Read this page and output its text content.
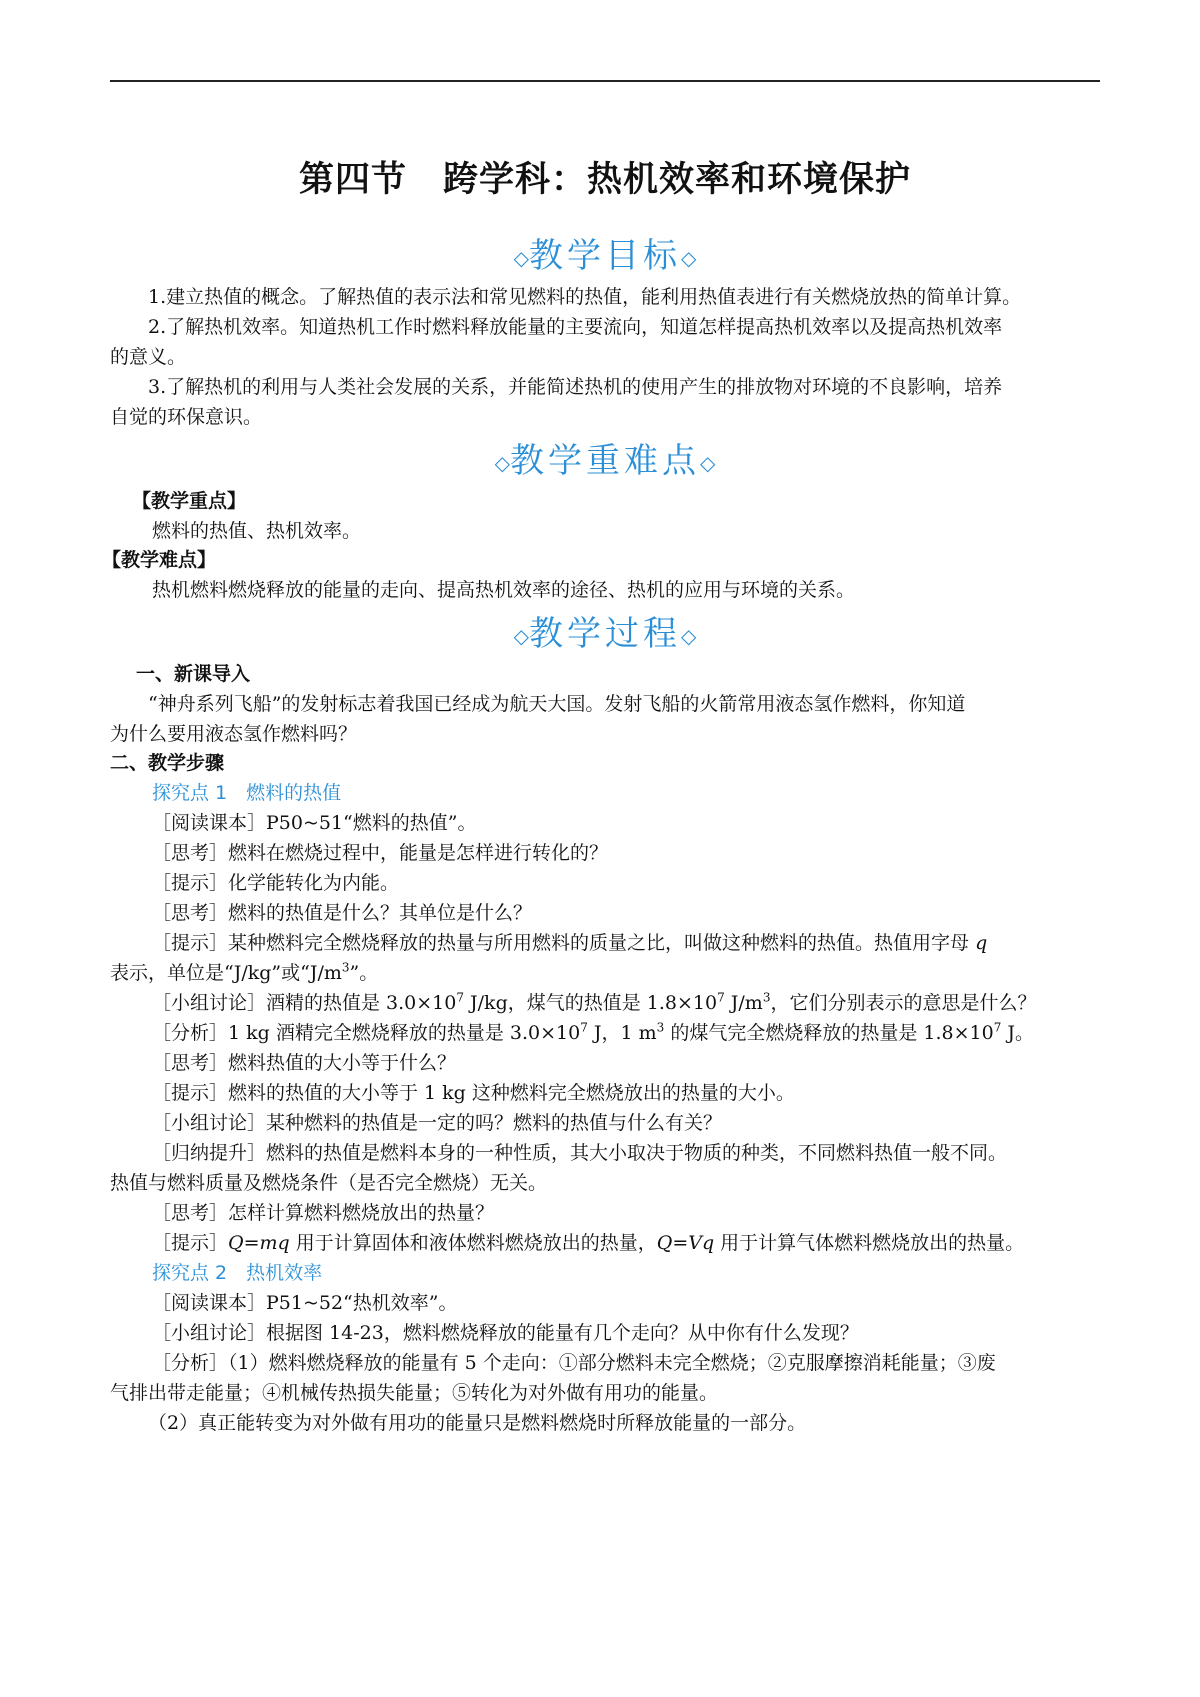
第四节　跨学科：热机效率和环境保护
◇教学目标◇
1.建立热值的概念。了解热值的表示法和常见燃料的热值，能利用热值表进行有关燃烧放热的简单计算。
2.了解热机效率。知道热机工作时燃料释放能量的主要流向，知道怎样提高热机效率以及提高热机效率
的意义。
3.了解热机的利用与人类社会发展的关系，并能简述热机的使用产生的排放物对环境的不良影响，培养
自觉的环保意识。
◇教学重难点◇
【教学重点】
燃料的热值、热机效率。
【教学难点】
热机燃料燃烧释放的能量的走向、提高热机效率的途径、热机的应用与环境的关系。
◇教学过程◇
一、新课导入
“神舟系列飞船”的发射标志着我国已经成为航天大国。发射飞船的火箭常用液态氢作燃料，你知道
为什么要用液态氢作燃料吗？
二、教学步骤
探究点 1　燃料的热值
［阅读课本］P50~51“燃料的热值”。
［思考］燃料在燃烧过程中，能量是怎样进行转化的？
［提示］化学能转化为内能。
［思考］燃料的热值是什么？其单位是什么？
［提示］某种燃料完全燃烧释放的热量与所用燃料的质量之比，叫做这种燃料的热值。热值用字母 q
表示，单位是“J/kg”或“$J/m^3$”。
［小组讨论］酒精的热值是 $3.0\times 10^7$ J/kg，煤气的热值是 $1.8\times 10^7$ $J/m^3$，它们分别表示的意思是什么？
［分析］1 kg 酒精完全燃烧释放的热量是 $3.0\times 10^7$ J，1 $m^3$ 的煤气完全燃烧释放的热量是 $1.8\times 10^7$ J。
［思考］燃料热值的大小等于什么？
［提示］燃料的热值的大小等于 1 kg 这种燃料完全燃烧放出的热量的大小。
［小组讨论］某种燃料的热值是一定的吗？燃料的热值与什么有关？
［归纳提升］燃料的热值是燃料本身的一种性质，其大小取决于物质的种类，不同燃料热值一般不同。
热值与燃料质量及燃烧条件（是否完全燃烧）无关。
［思考］怎样计算燃料燃烧放出的热量？
［提示］Q=mq 用于计算固体和液体燃料燃烧放出的热量，Q=Vq 用于计算气体燃料燃烧放出的热量。
探究点 2　热机效率
［阅读课本］P51~52“热机效率”。
［小组讨论］根据图 14-23，燃料燃烧释放的能量有几个走向？从中你有什么发现？
［分析］（1）燃料燃烧释放的能量有 5 个走向：①部分燃料未完全燃烧；②克服摩擦消耗能量；③废
气排出带走能量；④机械传热损失能量；⑤转化为对外做有用功的能量。
（2）真正能转变为对外做有用功的能量只是燃料燃烧时所释放能量的一部分。
